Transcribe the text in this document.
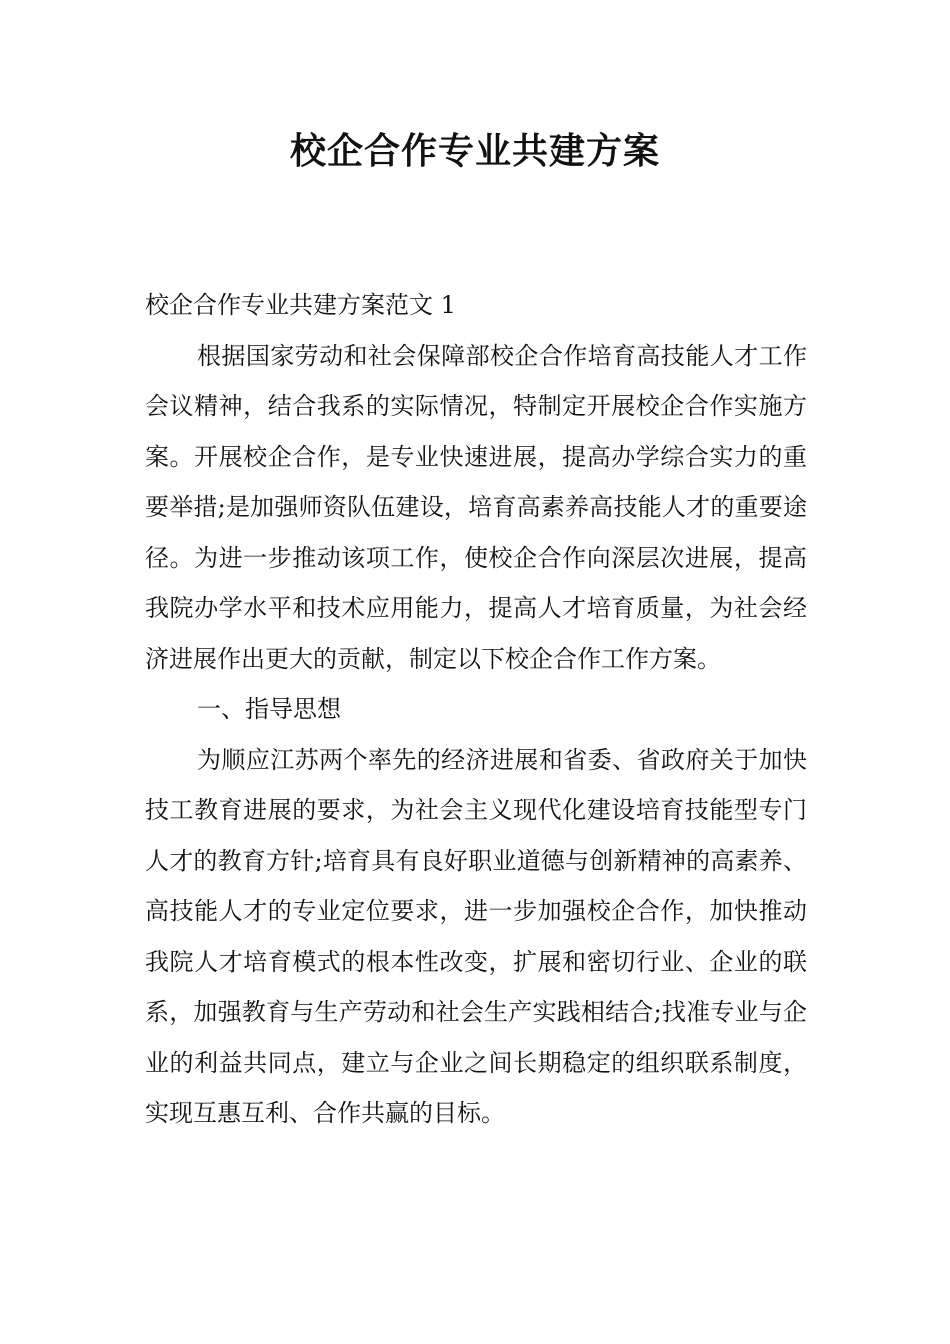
校企合作专业共建方案

校企合作专业共建方案范文 1

根据国家劳动和社会保障部校企合作培育高技能人才工作会议精神，结合我系的实际情况，特制定开展校企合作实施方案。开展校企合作，是专业快速进展，提高办学综合实力的重要举措;是加强师资队伍建设，培育高素养高技能人才的重要途径。为进一步推动该项工作，使校企合作向深层次进展，提高我院办学水平和技术应用能力，提高人才培育质量，为社会经济进展作出更大的贡献，制定以下校企合作工作方案。

一、指导思想

为顺应江苏两个率先的经济进展和省委、省政府关于加快技工教育进展的要求，为社会主义现代化建设培育技能型专门人才的教育方针;培育具有良好职业道德与创新精神的高素养、高技能人才的专业定位要求，进一步加强校企合作，加快推动我院人才培育模式的根本性改变，扩展和密切行业、企业的联系，加强教育与生产劳动和社会生产实践相结合;找准专业与企业的利益共同点，建立与企业之间长期稳定的组织联系制度，实现互惠互利、合作共赢的目标。
